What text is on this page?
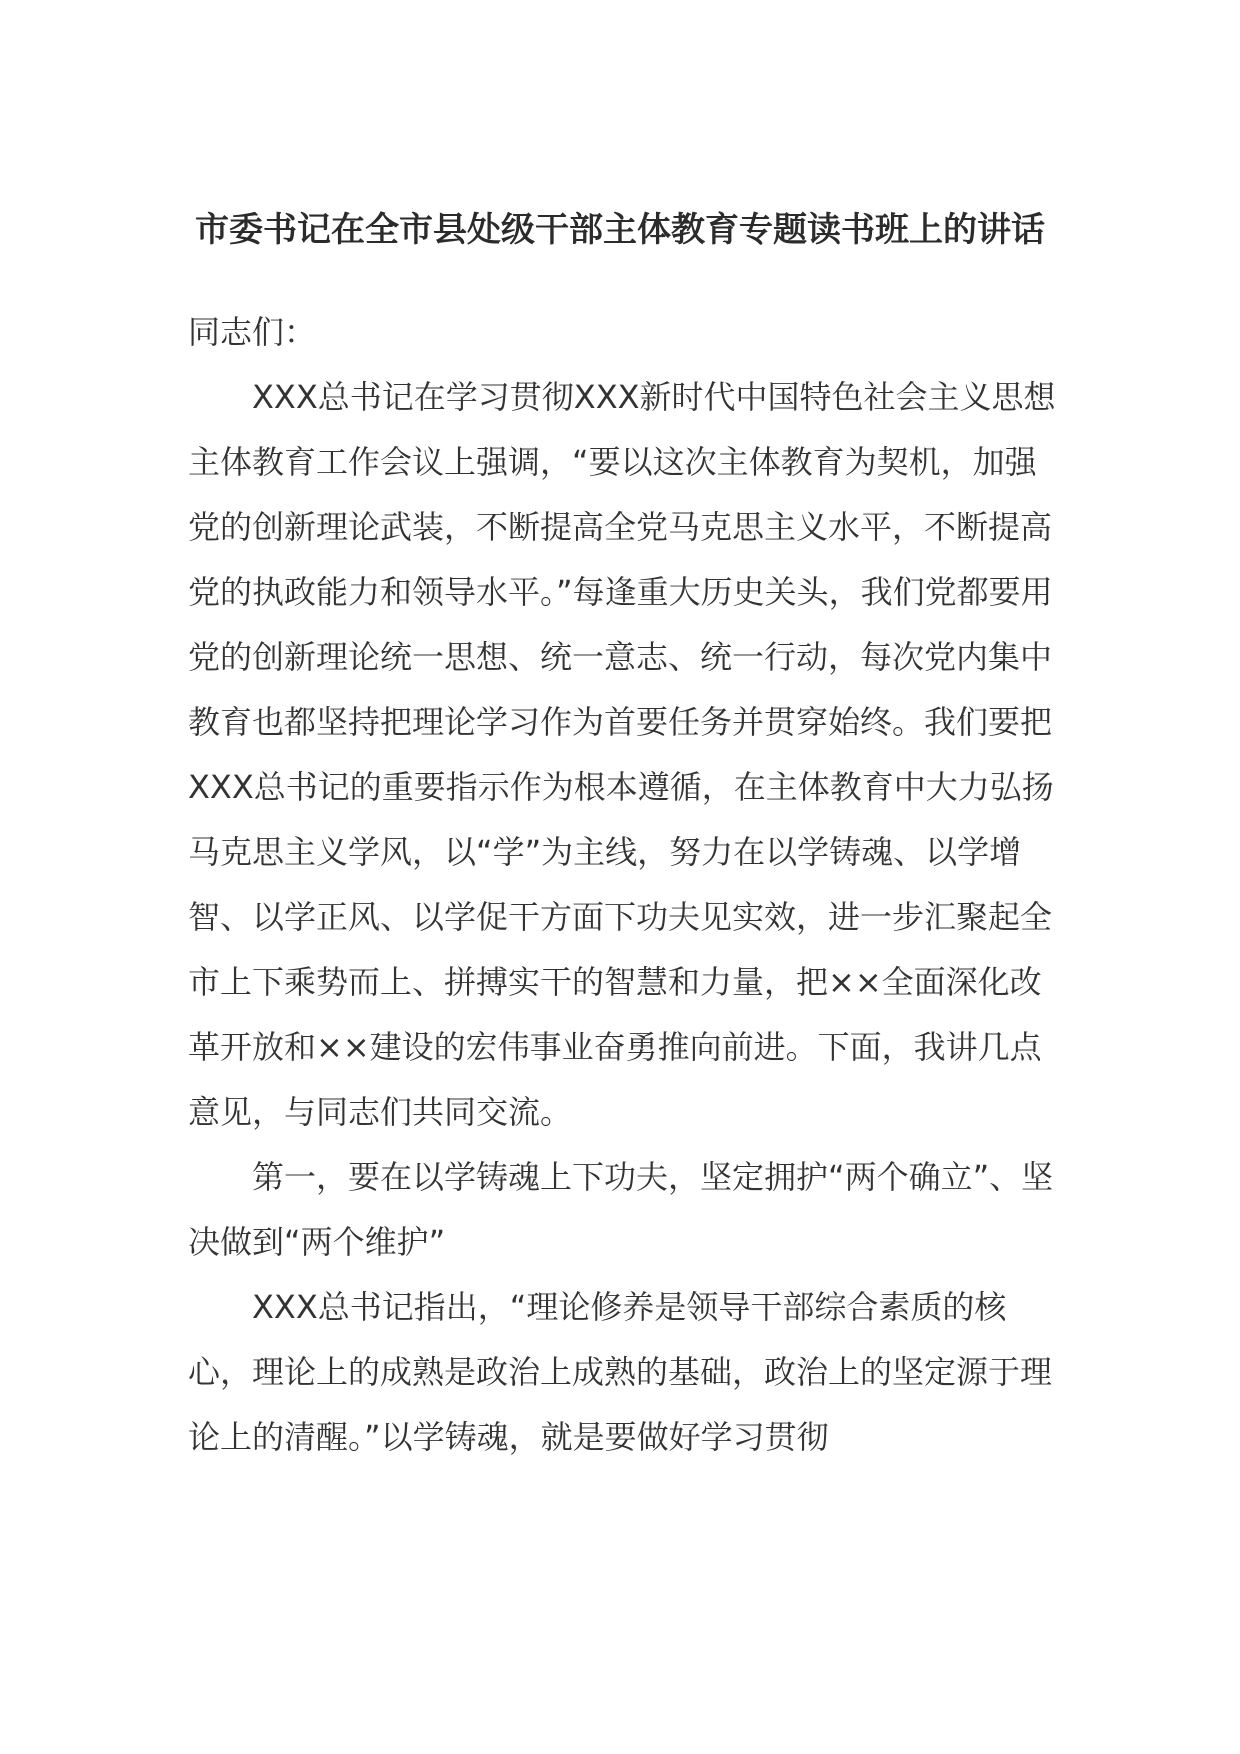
市委书记在全市县处级干部主体教育专题读书班上的讲话

同志们：

XXX总书记在学习贯彻XXX新时代中国特色社会主义思想主体教育工作会议上强调，“要以这次主体教育为契机，加强党的创新理论武装，不断提高全党马克思主义水平，不断提高党的执政能力和领导水平。”每逢重大历史关头，我们党都要用党的创新理论统一思想、统一意志、统一行动，每次党内集中教育也都坚持把理论学习作为首要任务并贯穿始终。我们要把XXX总书记的重要指示作为根本遵循，在主体教育中大力弘扬马克思主义学风，以“学”为主线，努力在以学铸魂、以学增智、以学正风、以学促干方面下功夫见实效，进一步汇聚起全市上下乘势而上、拼搏实干的智慧和力量，把××全面深化改革开放和××建设的宏伟事业奋勇推向前进。下面，我讲几点意见，与同志们共同交流。

第一，要在以学铸魂上下功夫，坚定拥护“两个确立”、坚决做到“两个维护”

XXX总书记指出，“理论修养是领导干部综合素质的核心，理论上的成熟是政治上成熟的基础，政治上的坚定源于理论上的清醒。”以学铸魂，就是要做好学习贯彻
